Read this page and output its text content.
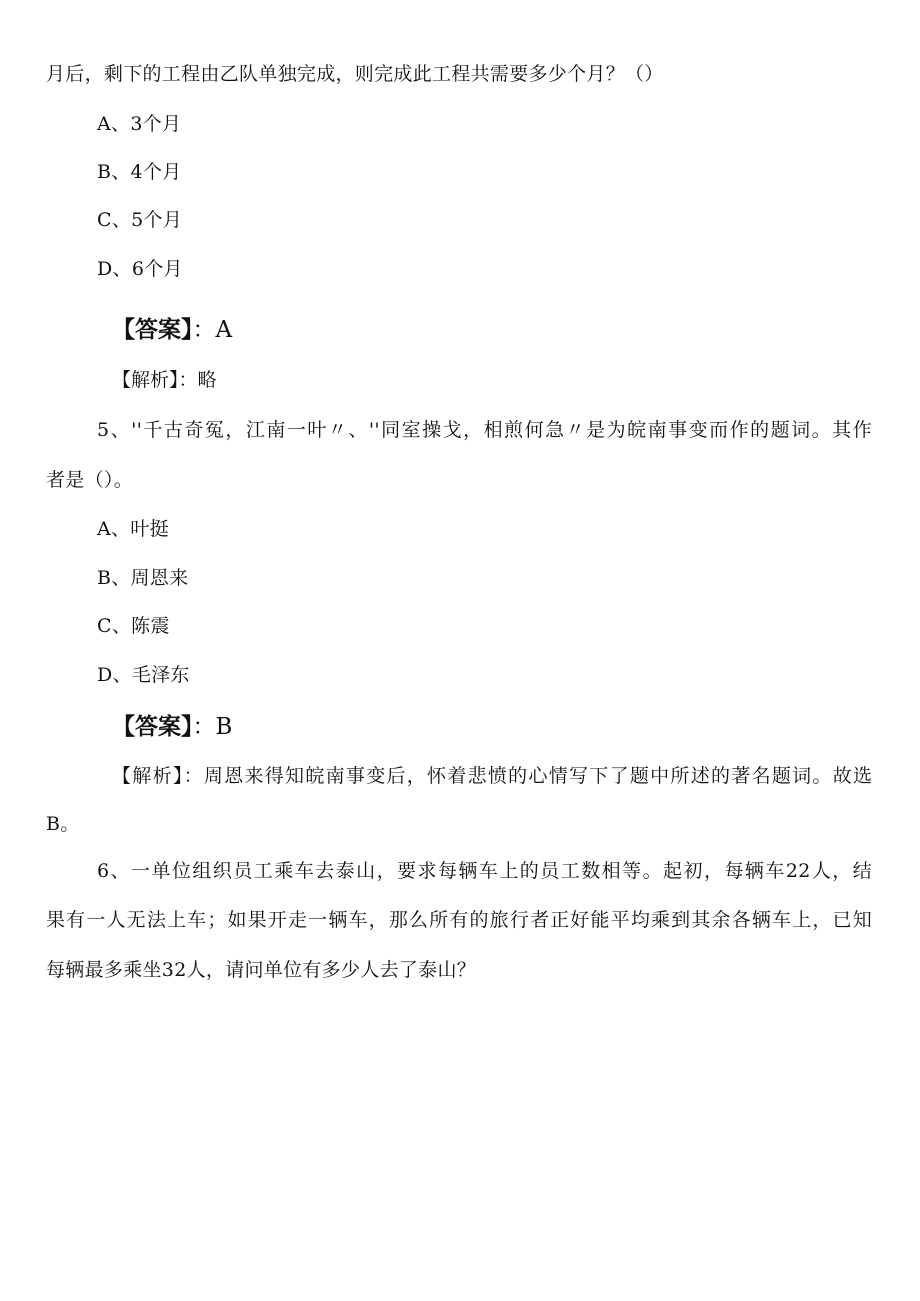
月后，剩下的工程由乙队单独完成，则完成此工程共需要多少个月？（）
A、3个月
B、4个月
C、5个月
D、6个月
【答案】：A
【解析】：略
5、''千古奇冤，江南一叶〃、''同室操戈，相煎何急〃是为皖南事变而作的题词。其作
者是（）。
A、叶挺
B、周恩来
C、陈震
D、毛泽东
【答案】：B
【解析】：周恩来得知皖南事变后，怀着悲愤的心情写下了题中所述的著名题词。故选
B。
6、一单位组织员工乘车去泰山，要求每辆车上的员工数相等。起初，每辆车22人，结
果有一人无法上车；如果开走一辆车，那么所有的旅行者正好能平均乘到其余各辆车上，已知
每辆最多乘坐32人，请问单位有多少人去了泰山？
